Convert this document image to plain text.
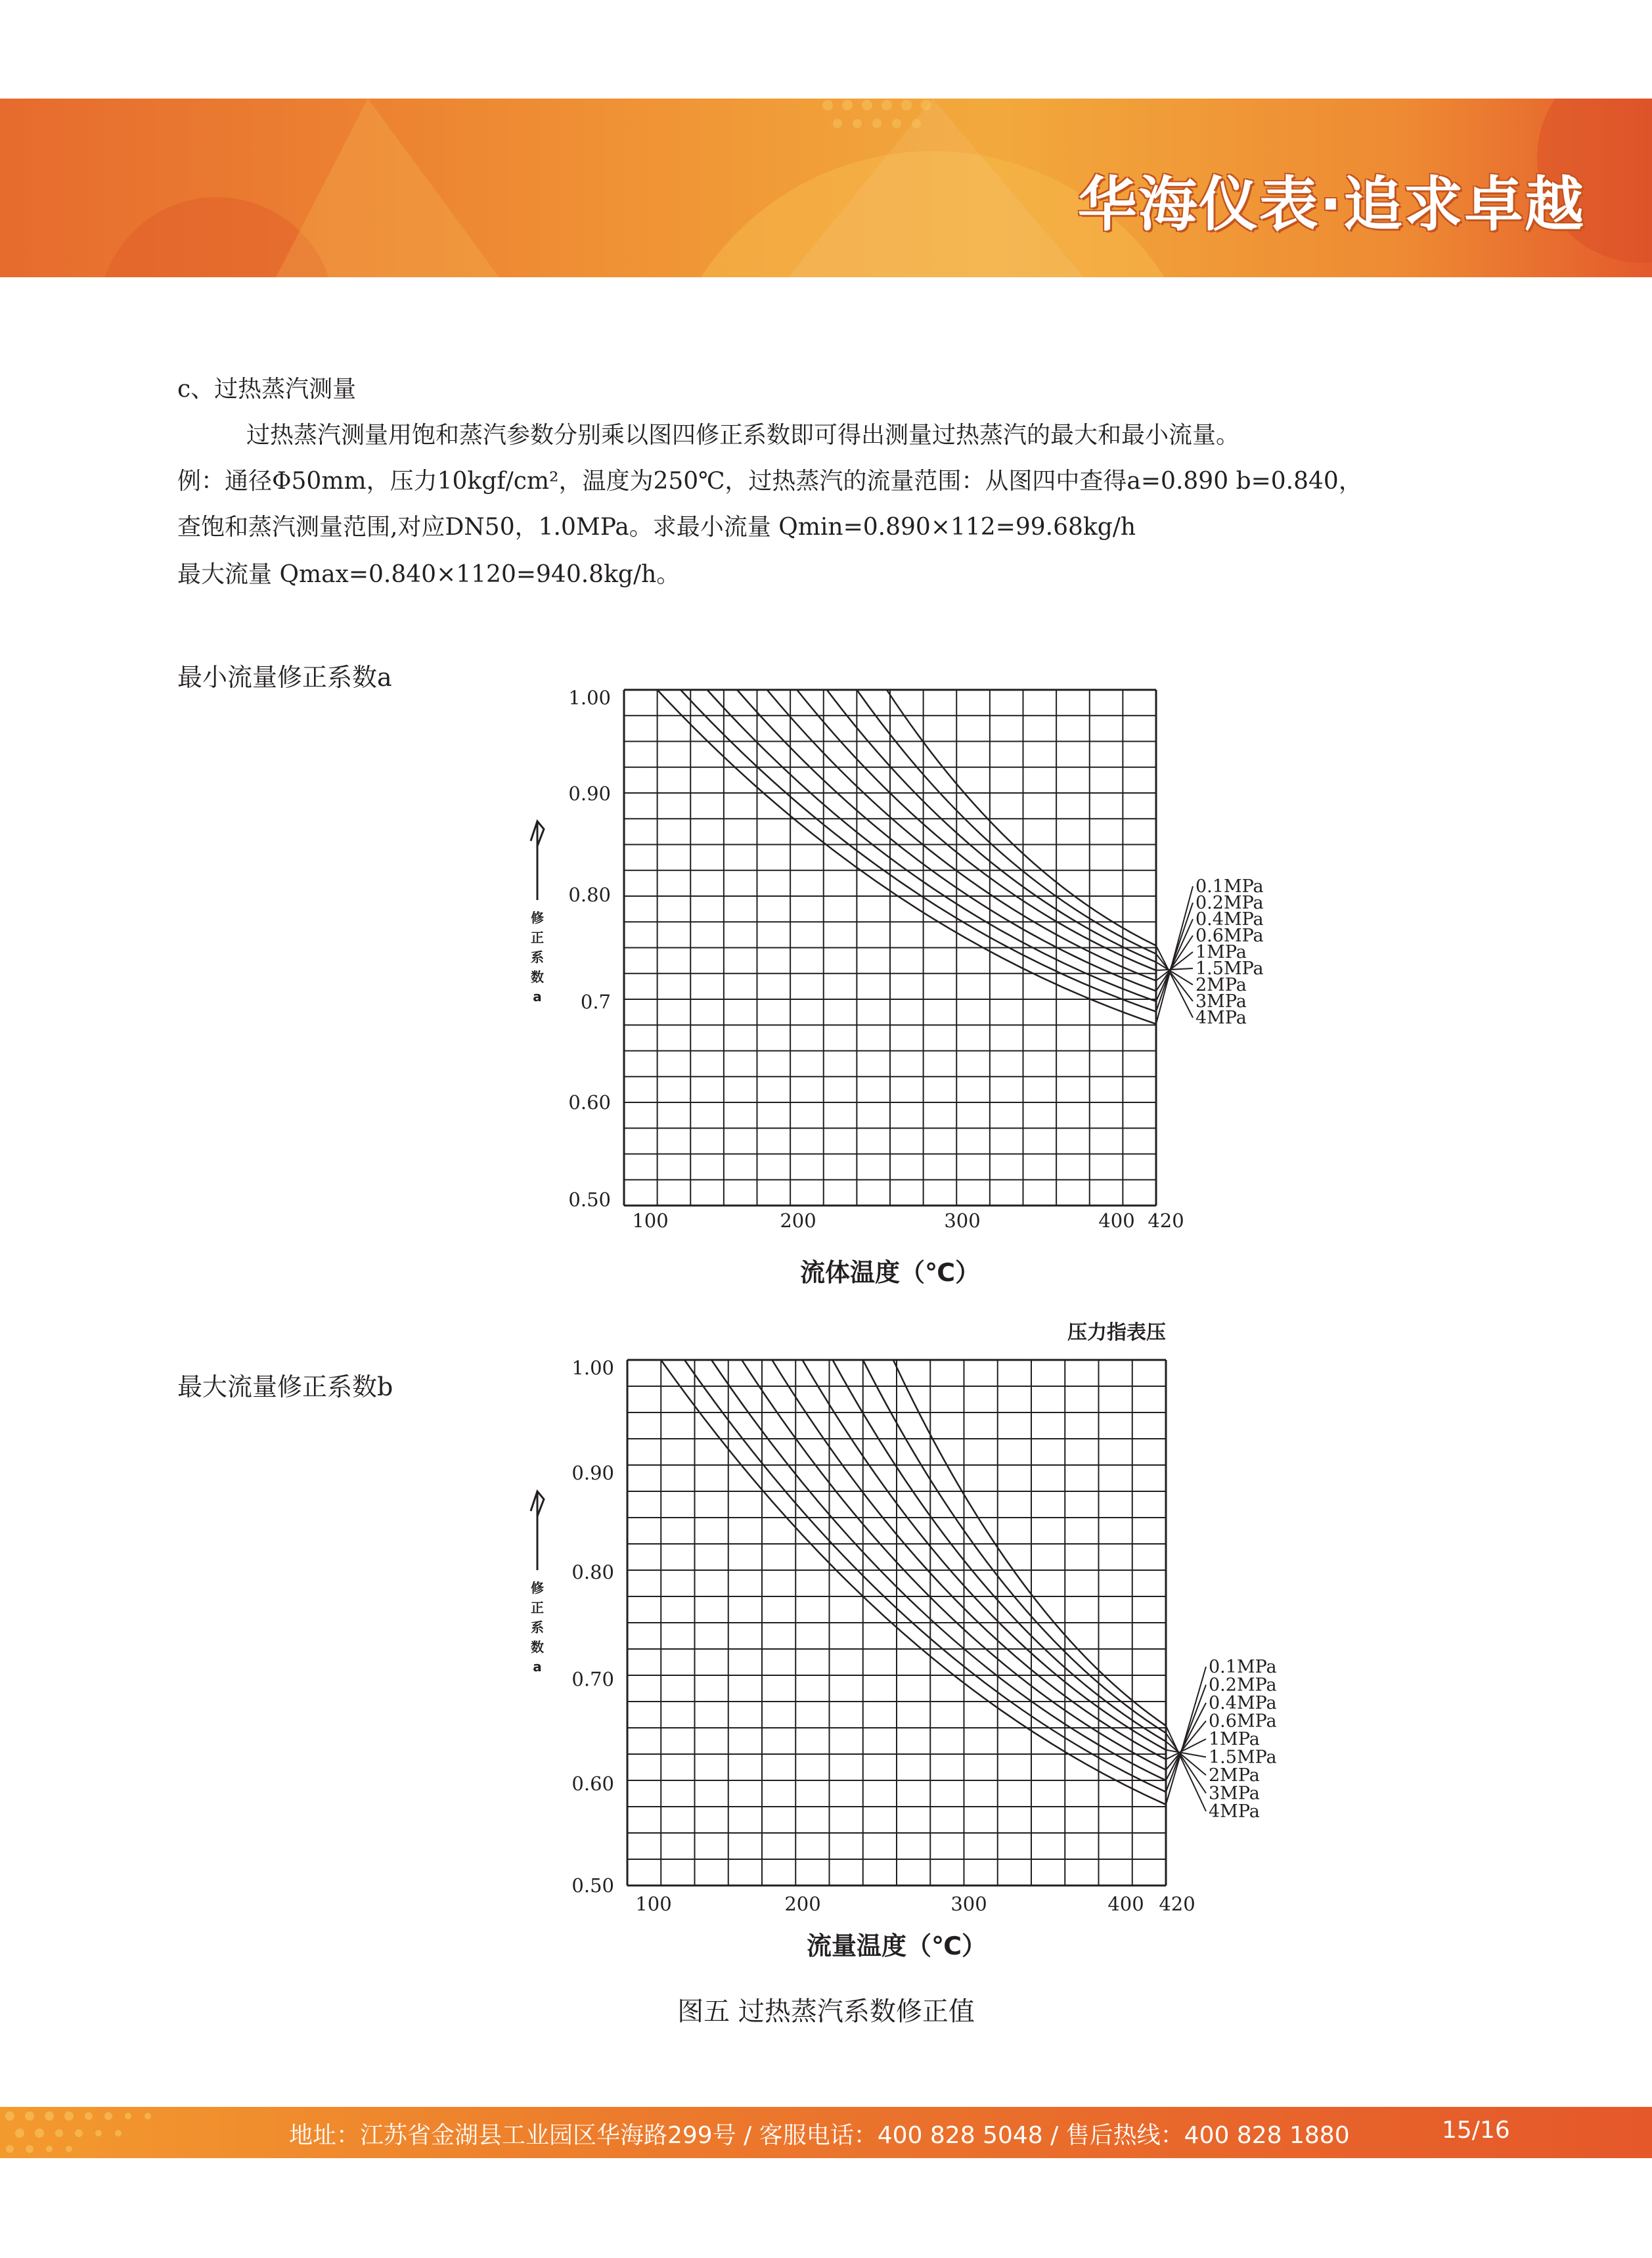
华海仪表·追求卓越
c、过热蒸汽测量
过热蒸汽测量用饱和蒸汽参数分别乘以图四修正系数即可得出测量过热蒸汽的最大和最小流量。
例：通径Φ50mm，压力10kgf/cm²，温度为250℃，过热蒸汽的流量范围：从图四中查得a=0.890 b=0.840，
查饱和蒸汽测量范围,对应DN50，1.0MPa。求最小流量 Qmin=0.890×112=99.68kg/h
最大流量 Qmax=0.840×1120=940.8kg/h。
最小流量修正系数a
最大流量修正系数b
1.00
0.90
0.80
0.7
0.60
0.50
100	200	300	400 420
修
正
系
数
a
流体温度（℃）
4MPa
3MPa
2MPa
1.5MPa
1MPa
0.6MPa
0.4MPa
0.2MPa
0.1MPa
1.00
0.90
0.80
0.70
0.60
0.50
100	200	300	400 420
修
正
系
数
a
流量温度（℃）
压力指表压
4MPa
3MPa
2MPa
1.5MPa
1MPa
0.6MPa
0.4MPa
0.2MPa
0.1MPa
图五 过热蒸汽系数修正值
地址：江苏省金湖县工业园区华海路299号 / 客服电话：400 828 5048 / 售后热线：400 828 1880	15/16
